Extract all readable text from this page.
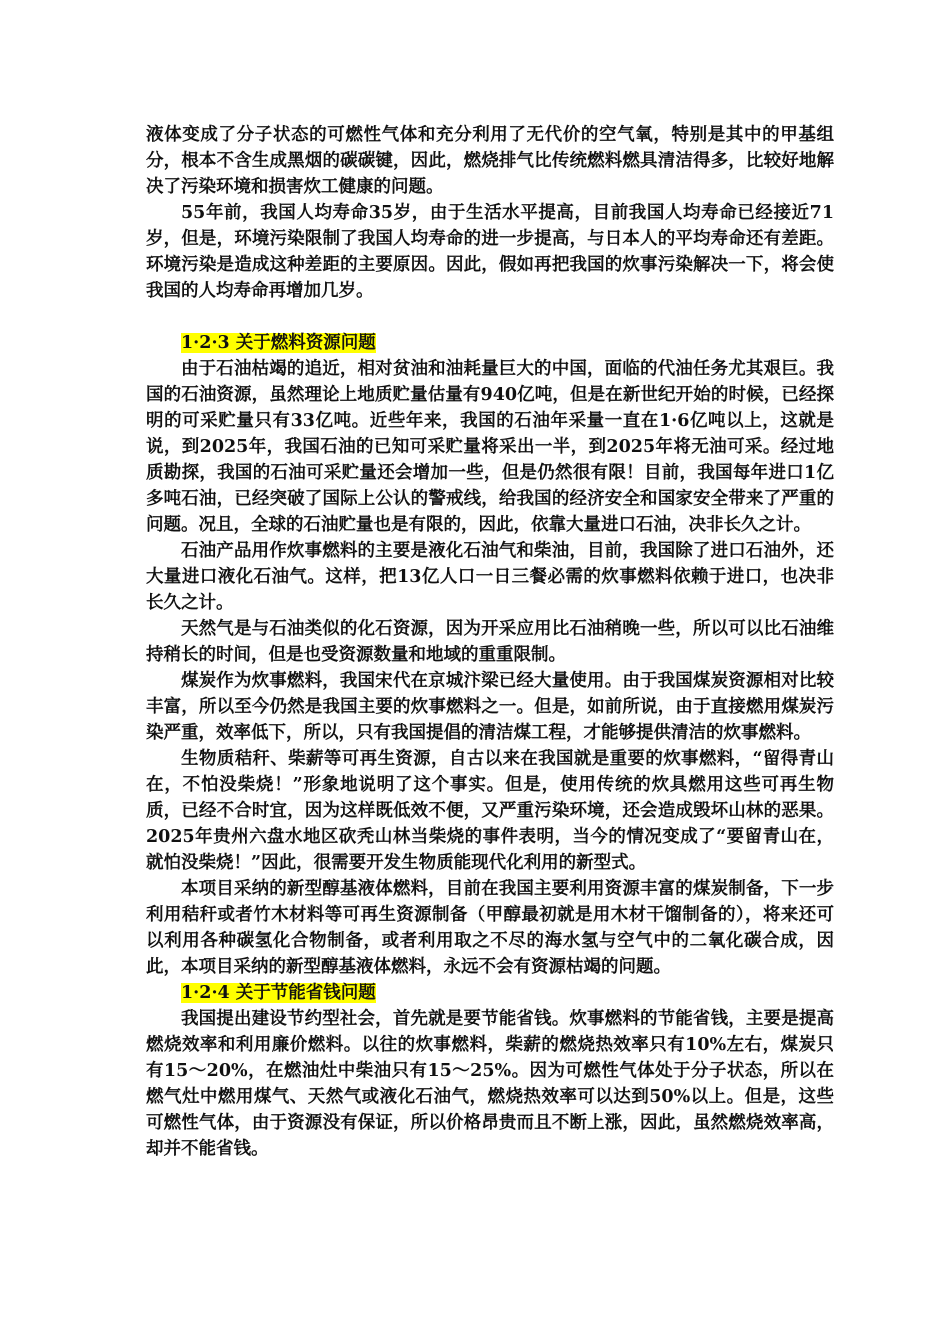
液体变成了分子状态的可燃性气体和充分利用了无代价的空气氧，特别是其中的甲基组分，根本不含生成黑烟的碳碳键，因此，燃烧排气比传统燃料燃具清洁得多，比较好地解决了污染环境和损害炊工健康的问题。

55年前，我国人均寿命35岁，由于生活水平提高，目前我国人均寿命已经接近71岁，但是，环境污染限制了我国人均寿命的进一步提高，与日本人的平均寿命还有差距。环境污染是造成这种差距的主要原因。因此，假如再把我国的炊事污染解决一下，将会使我国的人均寿命再增加几岁。

1·2·3 关于燃料资源问题

由于石油枯竭的追近，相对贫油和油耗量巨大的中国，面临的代油任务尤其艰巨。我国的石油资源，虽然理论上地质贮量估量有940亿吨，但是在新世纪开始的时候，已经探明的可采贮量只有33亿吨。近些年来，我国的石油年采量一直在1·6亿吨以上，这就是说，到2025年，我国石油的已知可采贮量将采出一半，到2025年将无油可采。经过地质勘探，我国的石油可采贮量还会增加一些，但是仍然很有限！目前，我国每年进口1亿多吨石油，已经突破了国际上公认的警戒线，给我国的经济安全和国家安全带来了严重的问题。况且，全球的石油贮量也是有限的，因此，依靠大量进口石油，决非长久之计。

石油产品用作炊事燃料的主要是液化石油气和柴油，目前，我国除了进口石油外，还大量进口液化石油气。这样，把13亿人口一日三餐必需的炊事燃料依赖于进口，也决非长久之计。

天然气是与石油类似的化石资源，因为开采应用比石油稍晚一些，所以可以比石油维持稍长的时间，但是也受资源数量和地域的重重限制。

煤炭作为炊事燃料，我国宋代在京城汴梁已经大量使用。由于我国煤炭资源相对比较丰富，所以至今仍然是我国主要的炊事燃料之一。但是，如前所说，由于直接燃用煤炭污染严重，效率低下，所以，只有我国提倡的清洁煤工程，才能够提供清洁的炊事燃料。

生物质秸秆、柴薪等可再生资源，自古以来在我国就是重要的炊事燃料，“留得青山在，不怕没柴烧！”形象地说明了这个事实。但是，使用传统的炊具燃用这些可再生物质，已经不合时宜，因为这样既低效不便，又严重污染环境，还会造成毁坏山林的恶果。2025年贵州六盘水地区砍秃山林当柴烧的事件表明，当今的情况变成了“要留青山在，就怕没柴烧！”因此，很需要开发生物质能现代化利用的新型式。

本项目采纳的新型醇基液体燃料，目前在我国主要利用资源丰富的煤炭制备，下一步利用秸秆或者竹木材料等可再生资源制备（甲醇最初就是用木材干馏制备的），将来还可以利用各种碳氢化合物制备，或者利用取之不尽的海水氢与空气中的二氧化碳合成，因此，本项目采纳的新型醇基液体燃料，永远不会有资源枯竭的问题。

1·2·4 关于节能省钱问题

我国提出建设节约型社会，首先就是要节能省钱。炊事燃料的节能省钱，主要是提高燃烧效率和利用廉价燃料。以往的炊事燃料，柴薪的燃烧热效率只有10%左右，煤炭只有15～20%，在燃油灶中柴油只有15～25%。因为可燃性气体处于分子状态，所以在燃气灶中燃用煤气、天然气或液化石油气，燃烧热效率可以达到50%以上。但是，这些可燃性气体，由于资源没有保证，所以价格昂贵而且不断上涨，因此，虽然燃烧效率高，却并不能省钱。
